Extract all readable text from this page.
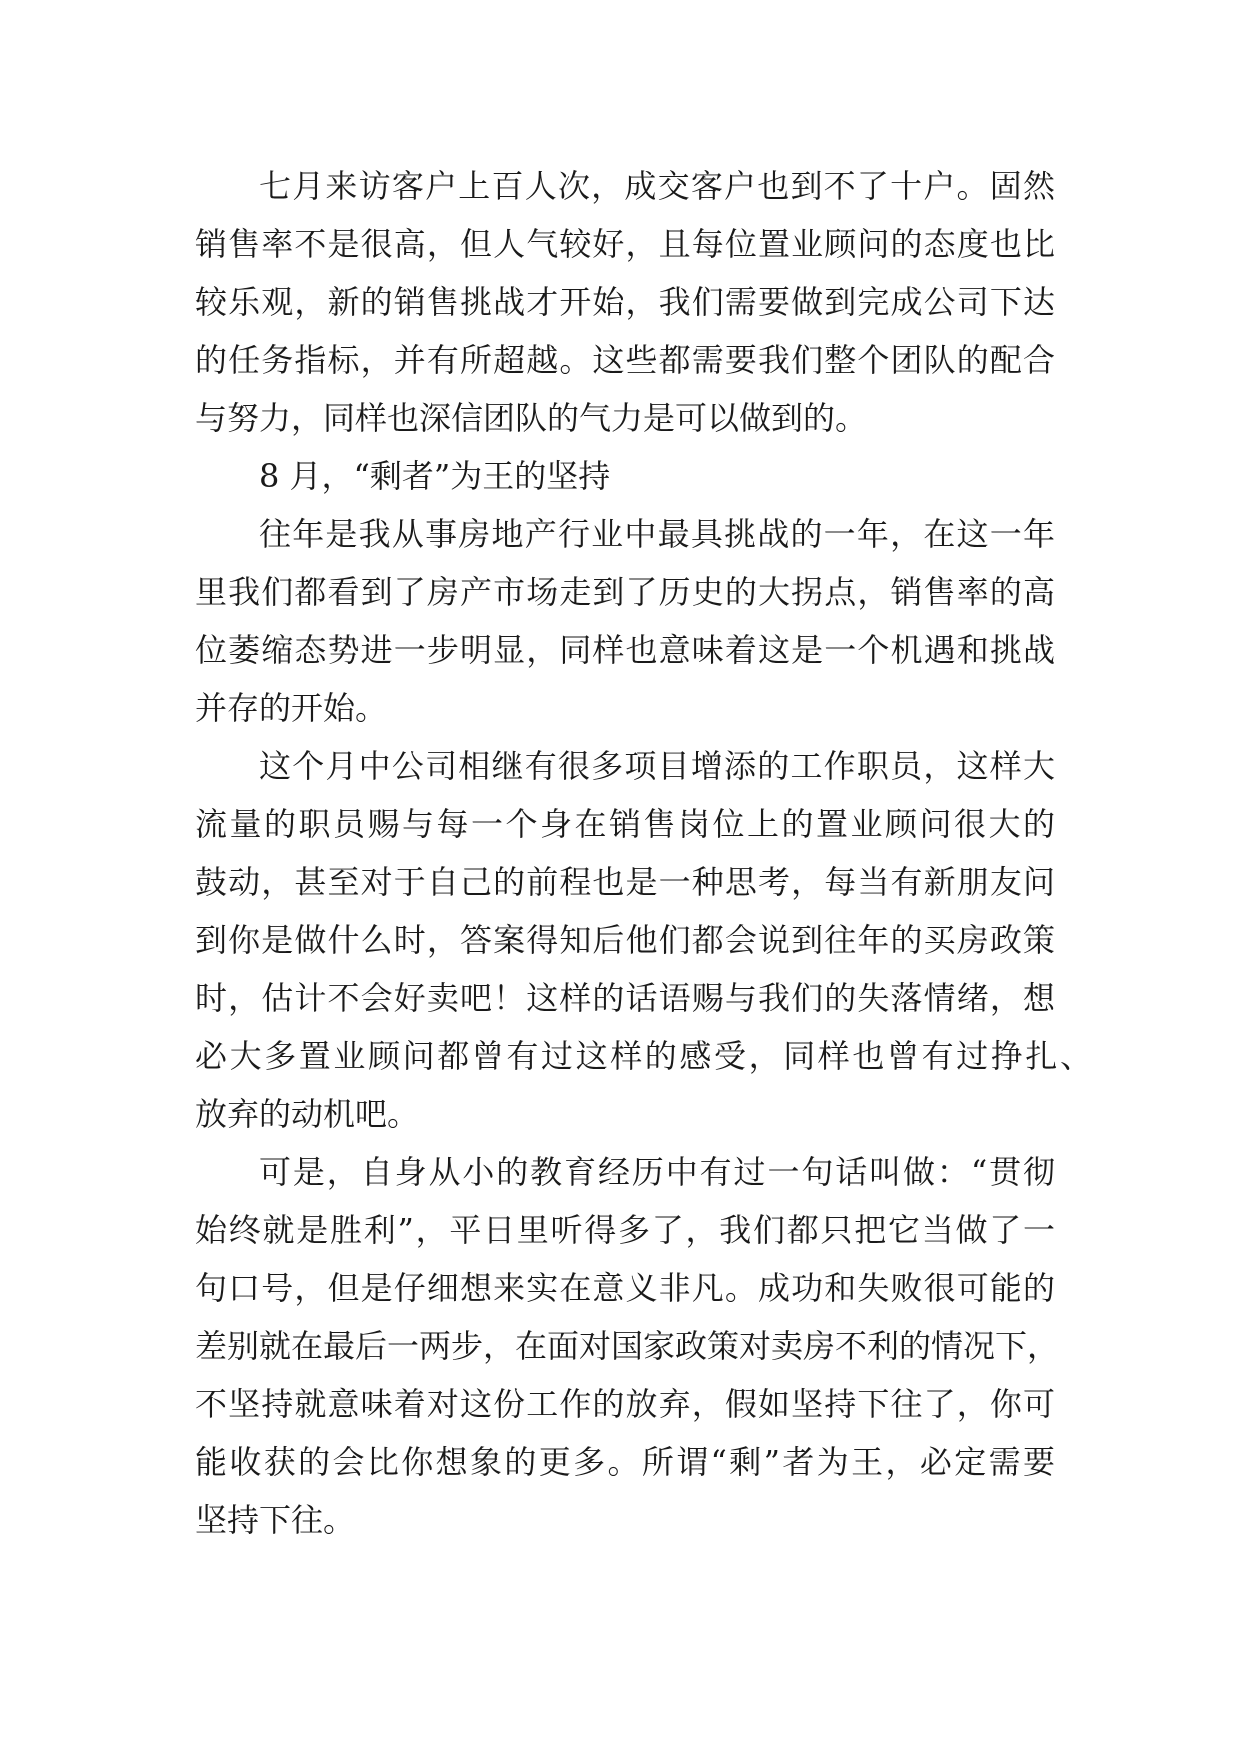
七月来访客户上百人次，成交客户也到不了十户。固然
销售率不是很高，但人气较好，且每位置业顾问的态度也比
较乐观，新的销售挑战才开始，我们需要做到完成公司下达
的任务指标，并有所超越。这些都需要我们整个团队的配合
与努力，同样也深信团队的气力是可以做到的。
8 月，“剩者”为王的坚持
往年是我从事房地产行业中最具挑战的一年，在这一年
里我们都看到了房产市场走到了历史的大拐点，销售率的高
位萎缩态势进一步明显，同样也意味着这是一个机遇和挑战
并存的开始。
这个月中公司相继有很多项目增添的工作职员，这样大
流量的职员赐与每一个身在销售岗位上的置业顾问很大的
鼓动，甚至对于自己的前程也是一种思考，每当有新朋友问
到你是做什么时，答案得知后他们都会说到往年的买房政策
时，估计不会好卖吧！这样的话语赐与我们的失落情绪，想
必大多置业顾问都曾有过这样的感受，同样也曾有过挣扎、
放弃的动机吧。
可是，自身从小的教育经历中有过一句话叫做：“贯彻
始终就是胜利”，平日里听得多了，我们都只把它当做了一
句口号，但是仔细想来实在意义非凡。成功和失败很可能的
差别就在最后一两步，在面对国家政策对卖房不利的情况下，
不坚持就意味着对这份工作的放弃，假如坚持下往了，你可
能收获的会比你想象的更多。所谓“剩”者为王，必定需要
坚持下往。
